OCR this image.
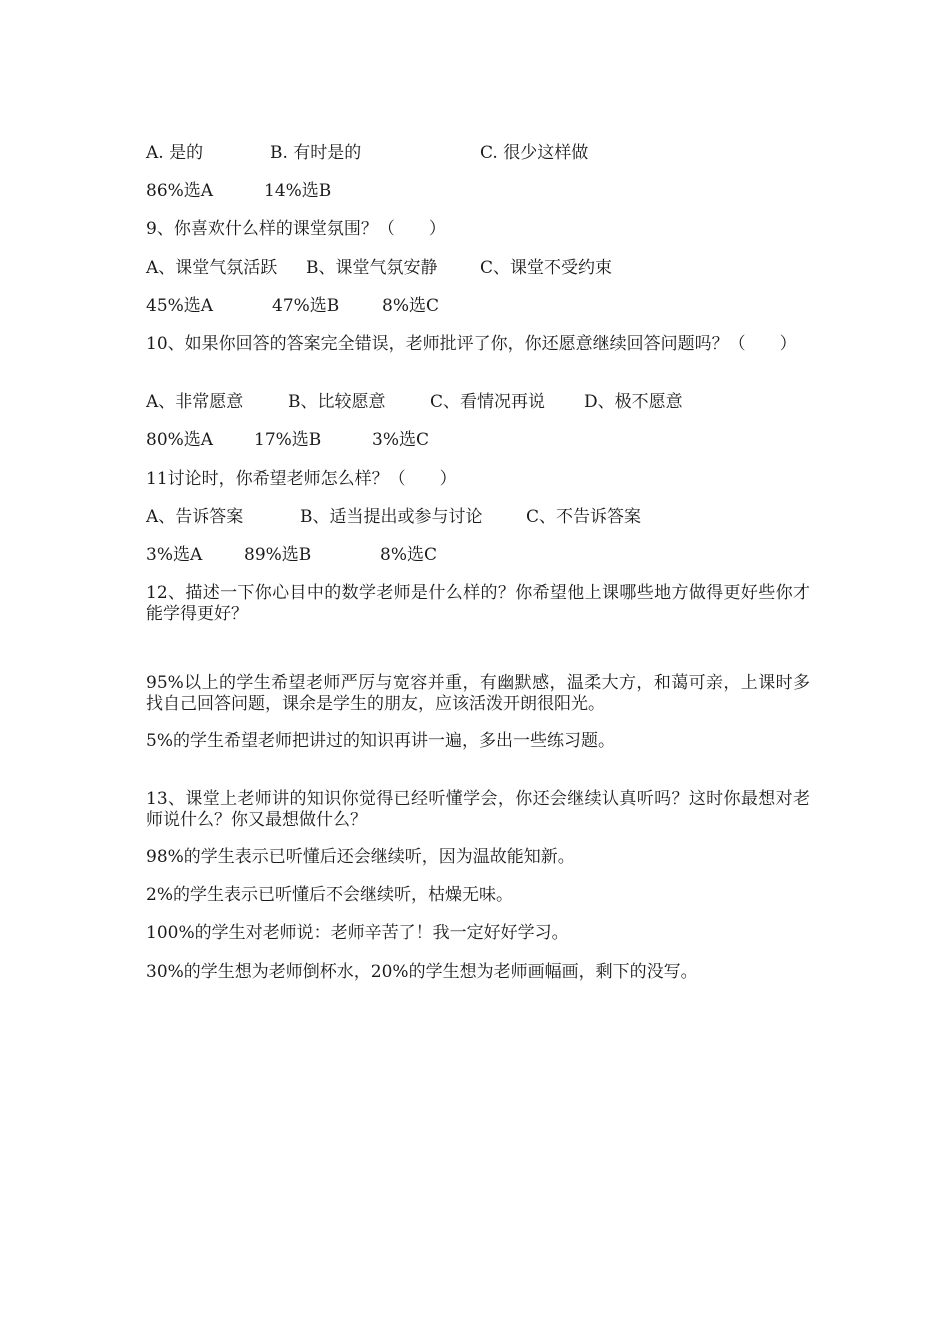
A. 是的	B. 有时是的	C. 很少这样做
86%选A	14%选B
9、你喜欢什么样的课堂氛围？（　　）
A、课堂气氛活跃 B、课堂气氛安静	C、课堂不受约束
45%选A	47%选B	8%选C
10、如果你回答的答案完全错误，老师批评了你，你还愿意继续回答问题吗？（　　）
A、非常愿意	B、比较愿意	C、看情况再说 D、极不愿意
80%选A 17%选B	3%选C
11讨论时，你希望老师怎么样？（　　）
A、告诉答案	B、适当提出或参与讨论	C、不告诉答案
3%选A 89%选B	8%选C
12、描述一下你心目中的数学老师是什么样的？你希望他上课哪些地方做得更好些你才能学得更好？
95%以上的学生希望老师严厉与宽容并重，有幽默感，温柔大方，和蔼可亲，上课时多找自己回答问题，课余是学生的朋友，应该活泼开朗很阳光。
5%的学生希望老师把讲过的知识再讲一遍，多出一些练习题。
13、课堂上老师讲的知识你觉得已经听懂学会，你还会继续认真听吗？这时你最想对老师说什么？你又最想做什么？
98%的学生表示已听懂后还会继续听，因为温故能知新。
2%的学生表示已听懂后不会继续听，枯燥无味。
100%的学生对老师说：老师辛苦了！我一定好好学习。
30%的学生想为老师倒杯水，20%的学生想为老师画幅画，剩下的没写。
